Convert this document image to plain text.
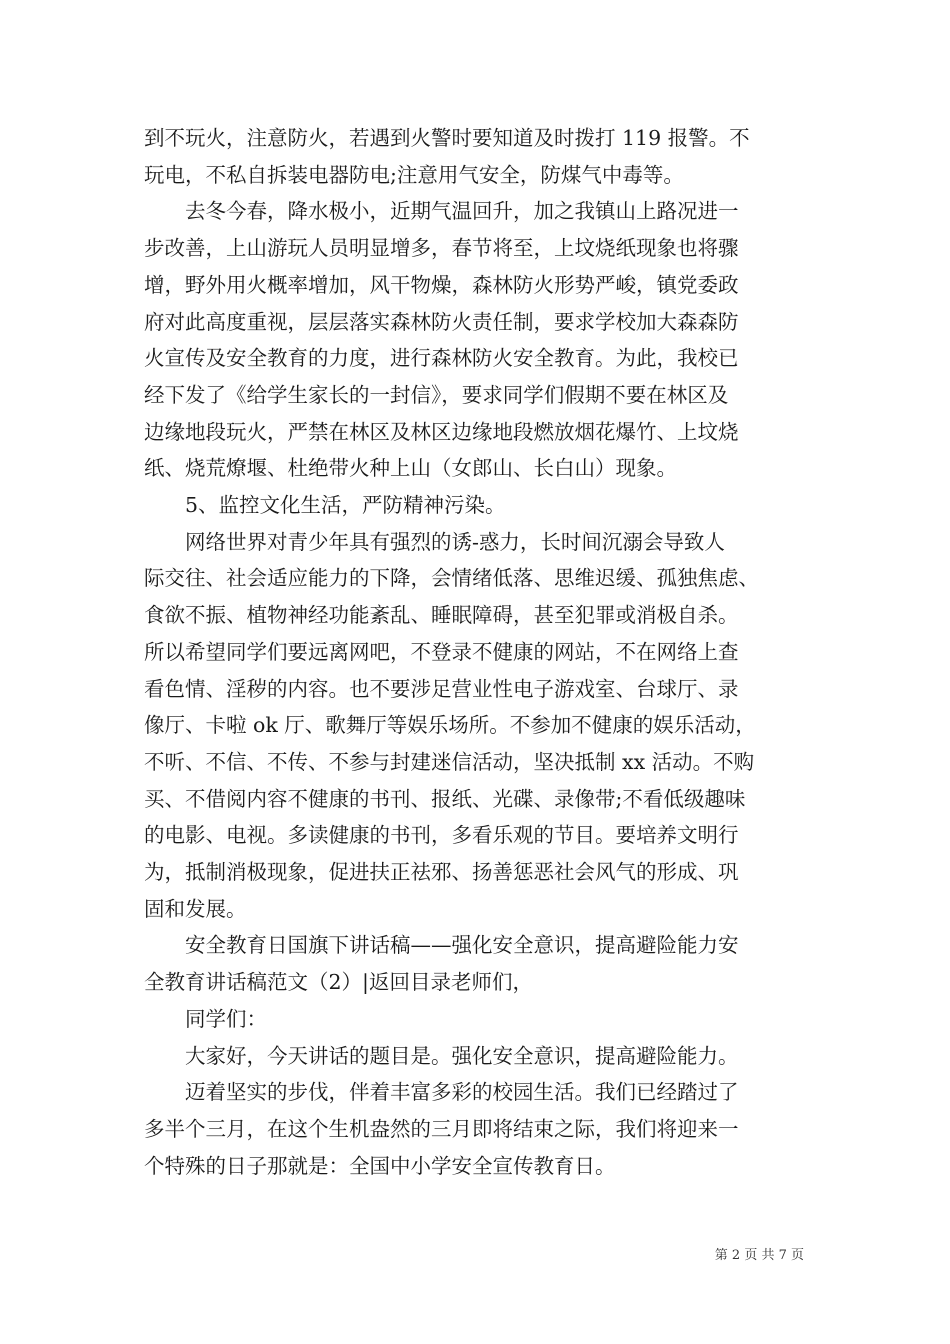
到不玩火，注意防火，若遇到火警时要知道及时拨打 119 报警。不
玩电，不私自拆装电器防电;注意用气安全，防煤气中毒等。
　　去冬今春，降水极小，近期气温回升，加之我镇山上路况进一
步改善，上山游玩人员明显增多，春节将至，上坟烧纸现象也将骤
增，野外用火概率增加，风干物燥，森林防火形势严峻，镇党委政
府对此高度重视，层层落实森林防火责任制，要求学校加大森森防
火宣传及安全教育的力度，进行森林防火安全教育。为此，我校已
经下发了《给学生家长的一封信》，要求同学们假期不要在林区及
边缘地段玩火，严禁在林区及林区边缘地段燃放烟花爆竹、上坟烧
纸、烧荒燎堰、杜绝带火种上山（女郎山、长白山）现象。
　　5、监控文化生活，严防精神污染。
　　网络世界对青少年具有强烈的诱-惑力，长时间沉溺会导致人
际交往、社会适应能力的下降，会情绪低落、思维迟缓、孤独焦虑、
食欲不振、植物神经功能紊乱、睡眠障碍，甚至犯罪或消极自杀。
所以希望同学们要远离网吧，不登录不健康的网站，不在网络上查
看色情、淫秽的内容。也不要涉足营业性电子游戏室、台球厅、录
像厅、卡啦 ok 厅、歌舞厅等娱乐场所。不参加不健康的娱乐活动，
不听、不信、不传、不参与封建迷信活动，坚决抵制 xx 活动。不购
买、不借阅内容不健康的书刊、报纸、光碟、录像带;不看低级趣味
的电影、电视。多读健康的书刊，多看乐观的节目。要培养文明行
为，抵制消极现象，促进扶正祛邪、扬善惩恶社会风气的形成、巩
固和发展。
　　安全教育日国旗下讲话稿——强化安全意识，提高避险能力安
全教育讲话稿范文（2）|返回目录老师们，
　　同学们：
　　大家好，今天讲话的题目是。强化安全意识，提高避险能力。
　　迈着坚实的步伐，伴着丰富多彩的校园生活。我们已经踏过了
多半个三月，在这个生机盎然的三月即将结束之际，我们将迎来一
个特殊的日子那就是：全国中小学安全宣传教育日。
第 2 页 共 7 页
